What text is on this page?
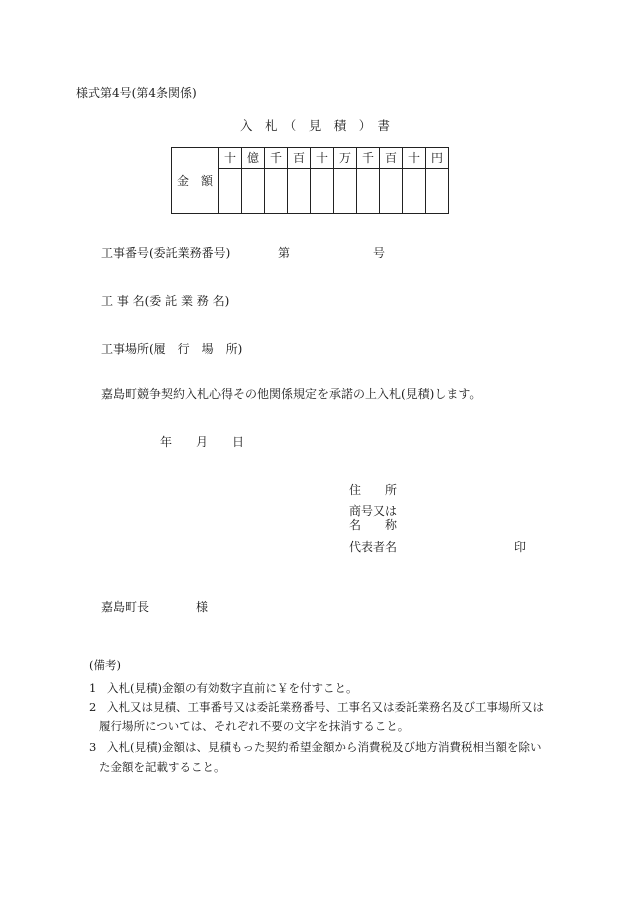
様式第4号(第4条関係)
入　札　（　見　積　）　書
金　額	十	億	千	百	十	万	千	百	十	円

工事番号(委託業務番号)	第	号
工 事 名(委 託 業 務 名)
工事場所(履　行　場　所)
嘉島町競争契約入札心得その他関係規定を承諾の上入札(見積)します。
年 月 日
住　　所
商号又は
名　　称
代表者名	印
嘉島町長	様
(備考)
1 入札(見積)金額の有効数字直前に￥を付すこと。
2 入札又は見積、工事番号又は委託業務番号、工事名又は委託業務名及び工事場所又は
履行場所については、それぞれ不要の文字を抹消すること。
3 入札(見積)金額は、見積もった契約希望金額から消費税及び地方消費税相当額を除い
た金額を記載すること。
